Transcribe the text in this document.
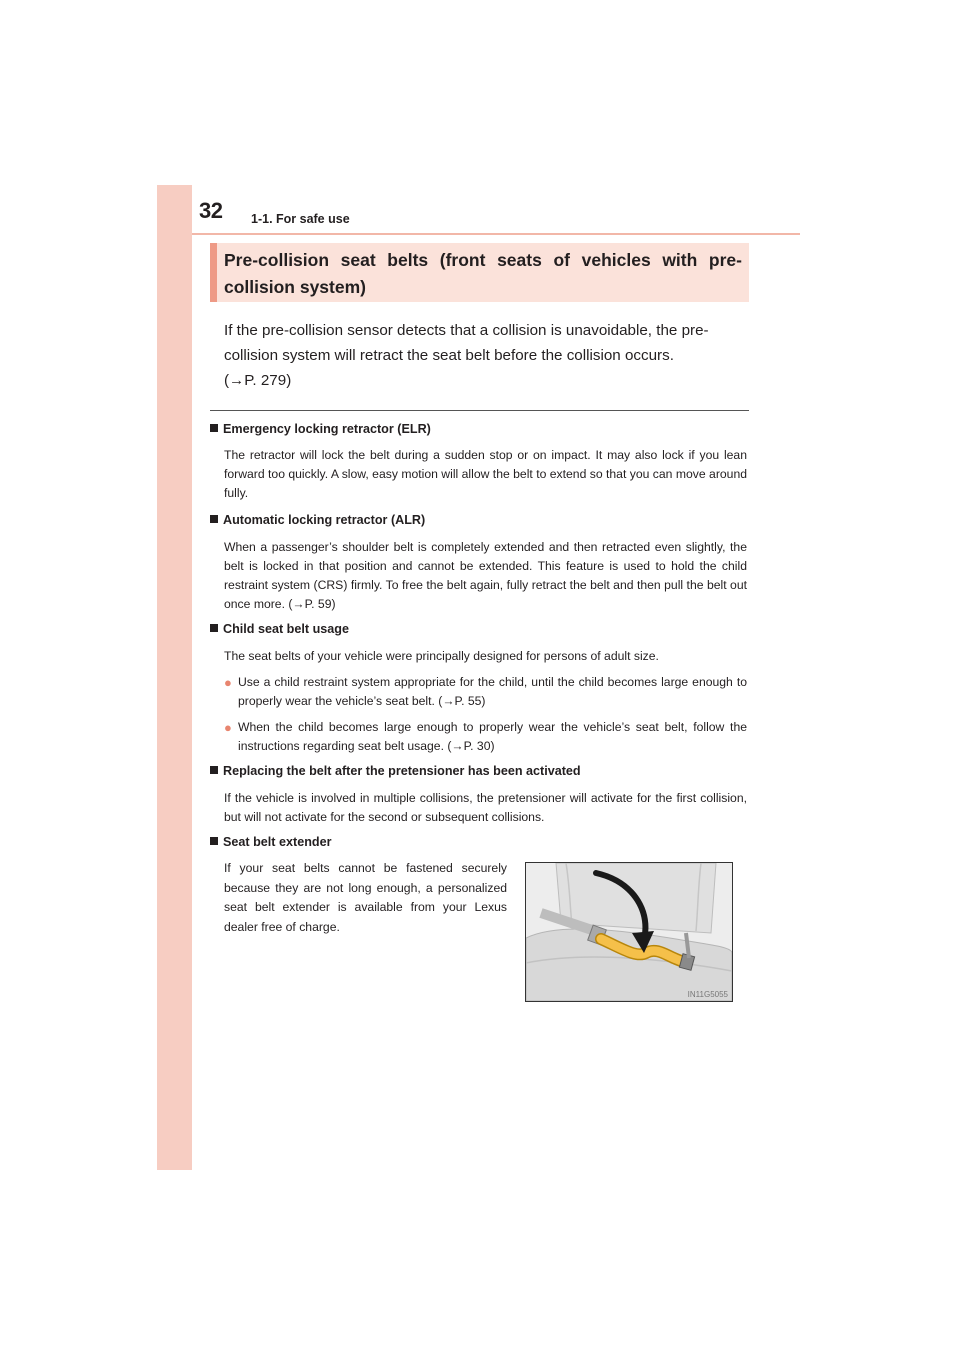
32 1-1. For safe use
Pre-collision seat belts (front seats of vehicles with pre-collision system)
If the pre-collision sensor detects that a collision is unavoidable, the pre-collision system will retract the seat belt before the collision occurs.
(→P. 279)
Emergency locking retractor (ELR)
The retractor will lock the belt during a sudden stop or on impact. It may also lock if you lean forward too quickly. A slow, easy motion will allow the belt to extend so that you can move around fully.
Automatic locking retractor (ALR)
When a passenger’s shoulder belt is completely extended and then retracted even slightly, the belt is locked in that position and cannot be extended. This feature is used to hold the child restraint system (CRS) firmly. To free the belt again, fully retract the belt and then pull the belt out once more. (→P. 59)
Child seat belt usage
The seat belts of your vehicle were principally designed for persons of adult size.
● Use a child restraint system appropriate for the child, until the child becomes large enough to properly wear the vehicle’s seat belt. (→P. 55)
● When the child becomes large enough to properly wear the vehicle’s seat belt, follow the instructions regarding seat belt usage. (→P. 30)
Replacing the belt after the pretensioner has been activated
If the vehicle is involved in multiple collisions, the pretensioner will activate for the first collision, but will not activate for the second or subsequent collisions.
Seat belt extender
If your seat belts cannot be fastened securely because they are not long enough, a personalized seat belt extender is available from your Lexus dealer free of charge.
IN11G5055
